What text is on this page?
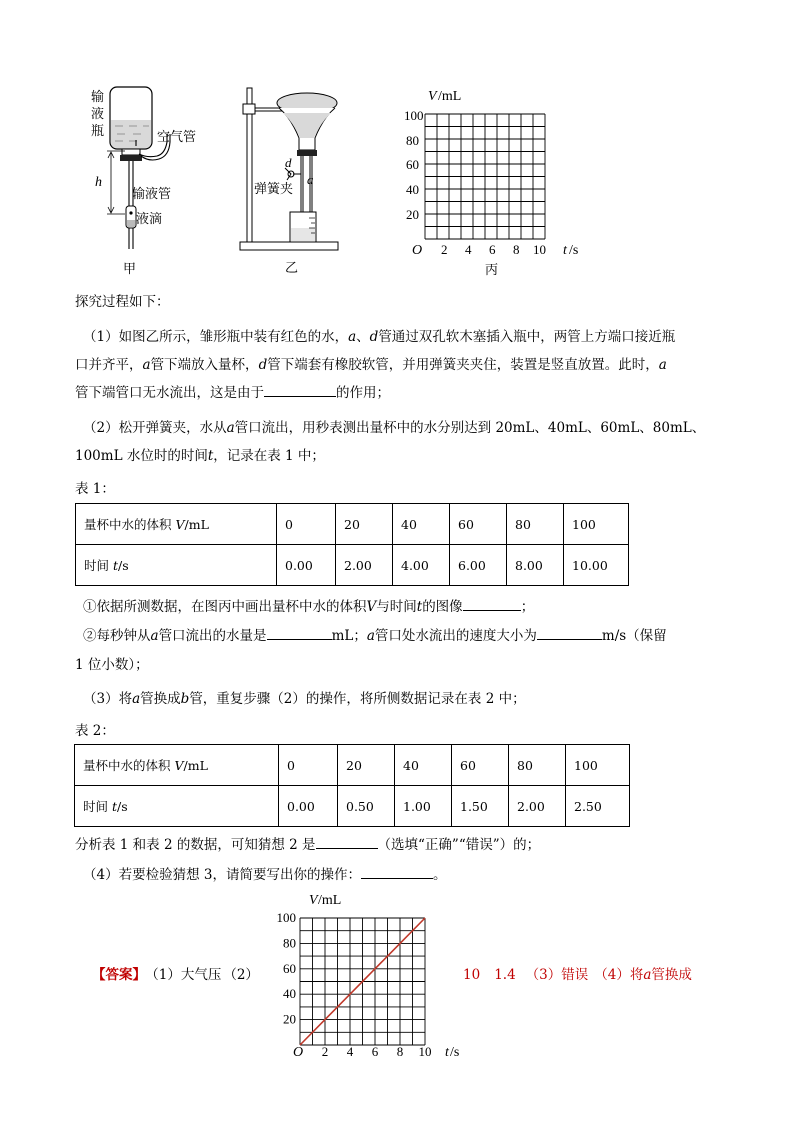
输
液
瓶	空气管
h
输液管
液滴
甲
d
a
弹簧夹
乙
V /mL
t /s
O
100
80
60
40
20
2 4 6 8 10
丙
探究过程如下：
（1）如图乙所示，雏形瓶中装有红色的水，a、d管通过双孔软木塞插入瓶中，两管上方端口接近瓶
口并齐平，a管下端放入量杯，d管下端套有橡胶软管，并用弹簧夹夹住，装置是竖直放置。此时，a
管下端管口无水流出，这是由于	的作用；
（2）松开弹簧夹，水从a管口流出，用秒表测出量杯中的水分别达到 20mL、40mL、60mL、80mL、
100mL 水位时的时间t，记录在表 1 中；
表 1：
量杯中水的体积 V/mL	0	20	40	60	80	100
时间 t/s	0.00	2.00	4.00	6.00	8.00	10.00
①依据所测数据，在图丙中画出量杯中水的体积V与时间t的图像	；
②每秒钟从a管口流出的水量是	mL；a管口处水流出的速度大小为	m/s（保留
1 位小数）；
（3）将a管换成b管，重复步骤（2）的操作，将所侧数据记录在表 2 中；
表 2：
量杯中水的体积 V/mL	0	20	40	60	80	100
时间 t/s	0.00	0.50	1.00	1.50	2.00	2.50
分析表 1 和表 2 的数据，可知猜想 2 是	（选填“正确”“错误”）的；
（4）若要检验猜想 3，请简要写出你的操作：	。
【答案】 （1）大气压 （2）	10 1.4 （3）错误 （4）将a管换成
V /mL
t /s
O
20
40
60
80
100
2 4 6 8 10
